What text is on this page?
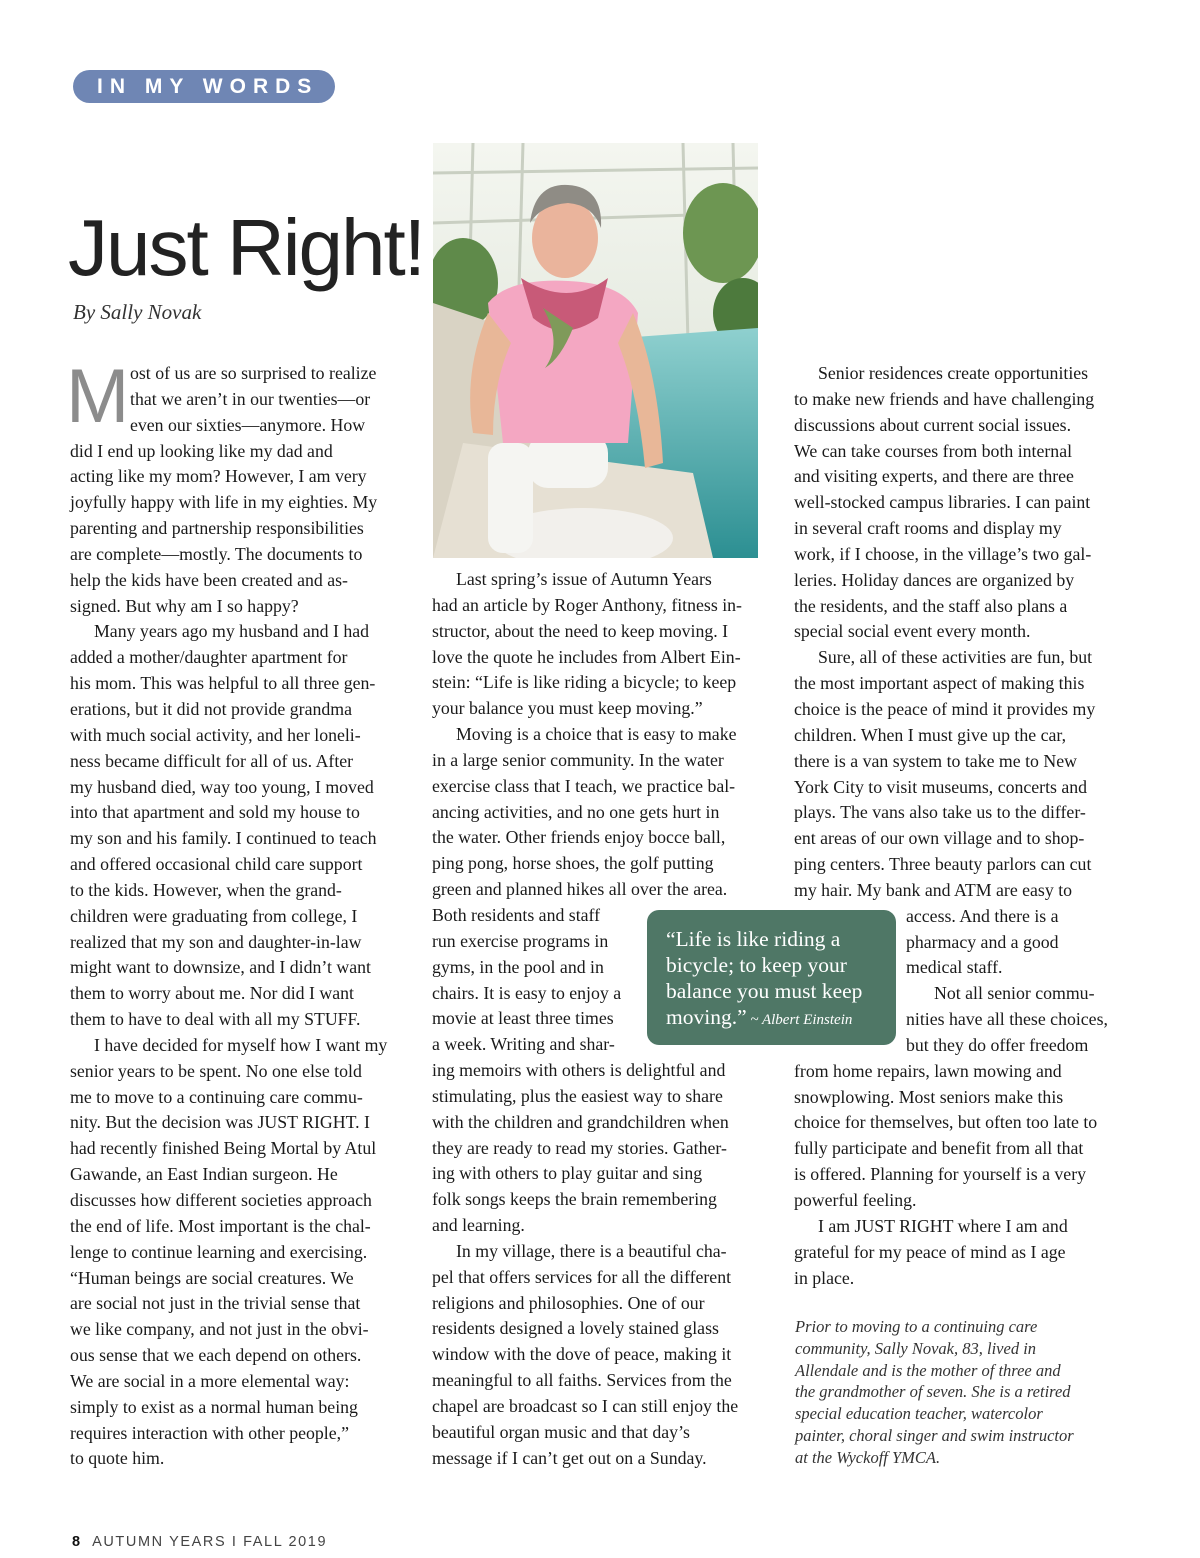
IN MY WORDS
Just Right!
By Sally Novak
M ost of us are so surprised to realize
that we aren’t in our twenties—or
even our sixties—anymore. How
did I end up looking like my dad and
acting like my mom? However, I am very
joyfully happy with life in my eighties. My
parenting and partnership responsibilities
are complete—mostly. The documents to
help the kids have been created and as-
signed. But why am I so happy?
Many years ago my husband and I had
added a mother/daughter apartment for
his mom. This was helpful to all three gen-
erations, but it did not provide grandma
with much social activity, and her loneli-
ness became difficult for all of us. After
my husband died, way too young, I moved
into that apartment and sold my house to
my son and his family. I continued to teach
and offered occasional child care support
to the kids. However, when the grand-
children were graduating from college, I
realized that my son and daughter-in-law
might want to downsize, and I didn’t want
them to worry about me. Nor did I want
them to have to deal with all my STUFF.
I have decided for myself how I want my
senior years to be spent. No one else told
me to move to a continuing care commu-
nity. But the decision was JUST RIGHT. I
had recently finished Being Mortal by Atul
Gawande, an East Indian surgeon. He
discusses how different societies approach
the end of life. Most important is the chal-
lenge to continue learning and exercising.
“Human beings are social creatures. We
are social not just in the trivial sense that
we like company, and not just in the obvi-
ous sense that we each depend on others.
We are social in a more elemental way:
simply to exist as a normal human being
requires interaction with other people,”
to quote him.
Last spring’s issue of Autumn Years
had an article by Roger Anthony, fitness in-
structor, about the need to keep moving. I
love the quote he includes from Albert Ein-
stein: “Life is like riding a bicycle; to keep
your balance you must keep moving.”
Moving is a choice that is easy to make
in a large senior community. In the water
exercise class that I teach, we practice bal-
ancing activities, and no one gets hurt in
the water. Other friends enjoy bocce ball,
ping pong, horse shoes, the golf putting
green and planned hikes all over the area.
Both residents and staff
run exercise programs in
gyms, in the pool and in
chairs. It is easy to enjoy a
movie at least three times
a week. Writing and shar-
ing memoirs with others is delightful and
stimulating, plus the easiest way to share
with the children and grandchildren when
they are ready to read my stories. Gather-
ing with others to play guitar and sing
folk songs keeps the brain remembering
and learning.
In my village, there is a beautiful cha-
pel that offers services for all the different
religions and philosophies. One of our
residents designed a lovely stained glass
window with the dove of peace, making it
meaningful to all faiths. Services from the
chapel are broadcast so I can still enjoy the
beautiful organ music and that day’s
message if I can’t get out on a Sunday.
Senior residences create opportunities
to make new friends and have challenging
discussions about current social issues.
We can take courses from both internal
and visiting experts, and there are three
well-stocked campus libraries. I can paint
in several craft rooms and display my
work, if I choose, in the village’s two gal-
leries. Holiday dances are organized by
the residents, and the staff also plans a
special social event every month.
Sure, all of these activities are fun, but
the most important aspect of making this
choice is the peace of mind it provides my
children. When I must give up the car,
there is a van system to take me to New
York City to visit museums, concerts and
plays. The vans also take us to the differ-
ent areas of our own village and to shop-
ping centers. Three beauty parlors can cut
my hair. My bank and ATM are easy to
access. And there is a
pharmacy and a good
medical staff.
Not all senior commu-
nities have all these choices,
but they do offer freedom
from home repairs, lawn mowing and
snowplowing. Most seniors make this
choice for themselves, but often too late to
fully participate and benefit from all that
is offered. Planning for yourself is a very
powerful feeling.
I am JUST RIGHT where I am and
grateful for my peace of mind as I age
in place.
“Life is like riding a
bicycle; to keep your
balance you must keep
moving.” ~ Albert Einstein
Prior to moving to a continuing care
community, Sally Novak, 83, lived in
Allendale and is the mother of three and
the grandmother of seven. She is a retired
special education teacher, watercolor
painter, choral singer and swim instructor
at the Wyckoff YMCA.
8 AUTUMN YEARS I FALL 2019
